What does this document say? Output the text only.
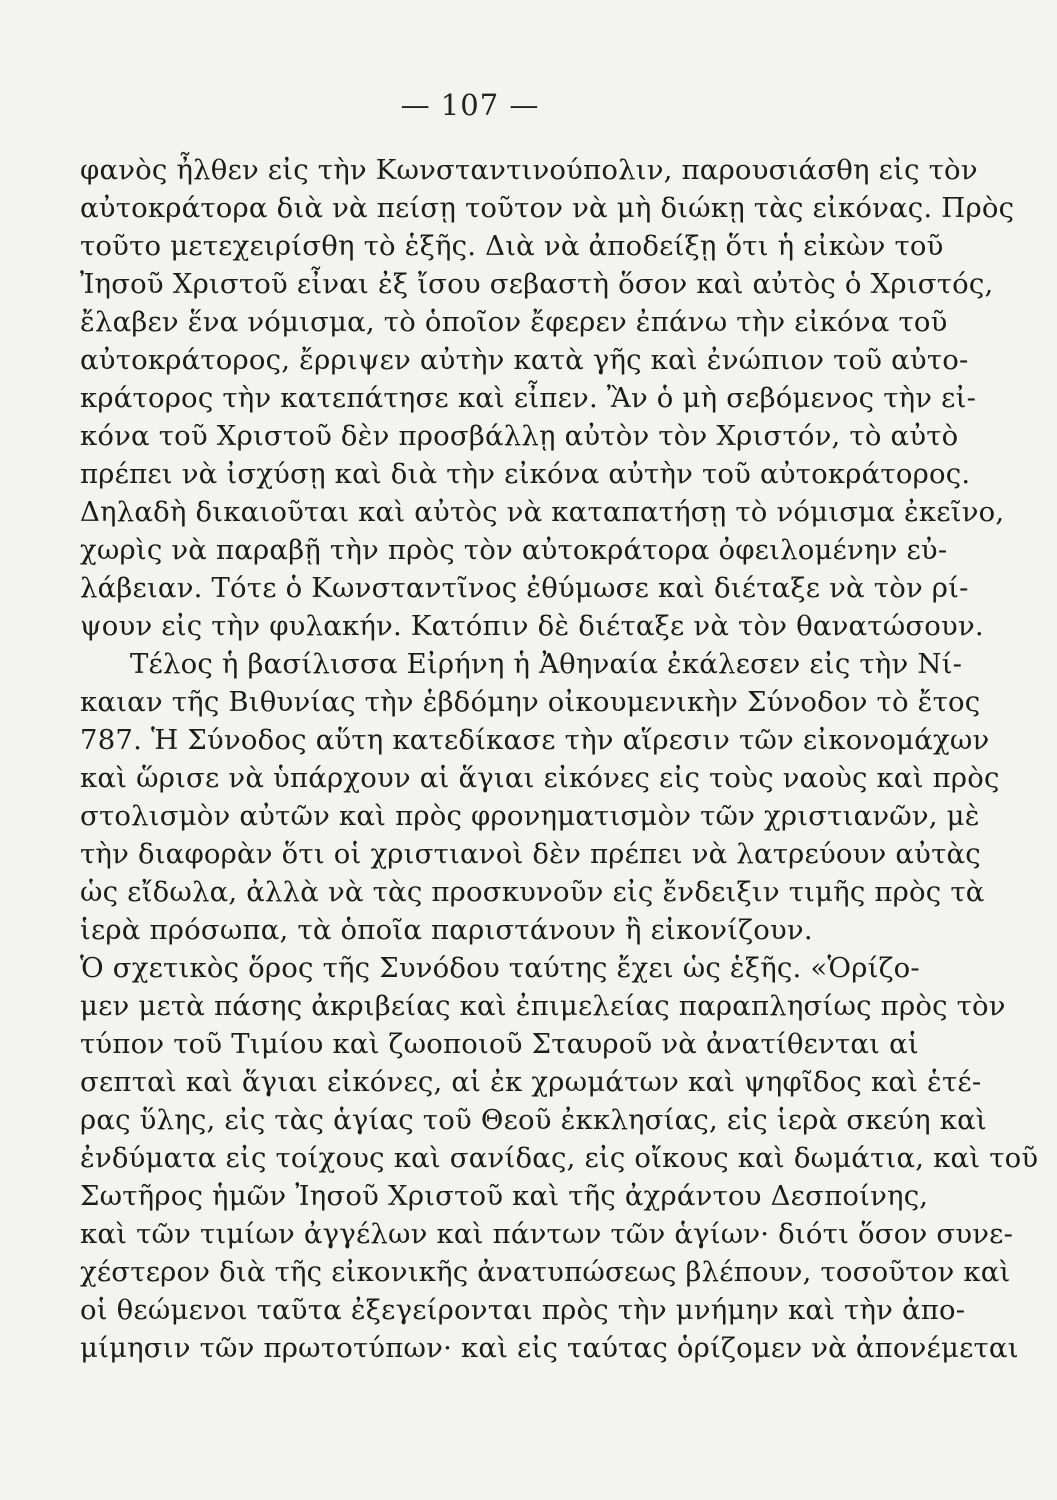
— 107 —
φανὸς ἦλθεν εἰς τὴν Κωνσταντινούπολιν, παρουσιάσθη εἰς τὸν
αὐτοκράτορα διὰ νὰ πείσῃ τοῦτον νὰ μὴ διώκῃ τὰς εἰκόνας. Πρὸς
τοῦτο μετεχειρίσθη τὸ ἑξῆς. Διὰ νὰ ἀποδείξῃ ὅτι ἡ εἰκὼν τοῦ
Ἰησοῦ Χριστοῦ εἶναι ἐξ ἴσου σεβαστὴ ὅσον καὶ αὐτὸς ὁ Χριστός,
ἔλαβεν ἕνα νόμισμα, τὸ ὁποῖον ἔφερεν ἐπάνω τὴν εἰκόνα τοῦ
αὐτοκράτορος, ἔρριψεν αὐτὴν κατὰ γῆς καὶ ἐνώπιον τοῦ αὐτο-
κράτορος τὴν κατεπάτησε καὶ εἶπεν. Ἂν ὁ μὴ σεβόμενος τὴν εἰ-
κόνα τοῦ Χριστοῦ δὲν προσβάλλῃ αὐτὸν τὸν Χριστόν, τὸ αὐτὸ
πρέπει νὰ ἰσχύσῃ καὶ διὰ τὴν εἰκόνα αὐτὴν τοῦ αὐτοκράτορος.
Δηλαδὴ δικαιοῦται καὶ αὐτὸς νὰ καταπατήσῃ τὸ νόμισμα ἐκεῖνο,
χωρὶς νὰ παραβῇ τὴν πρὸς τὸν αὐτοκράτορα ὀφειλομένην εὐ-
λάβειαν. Τότε ὁ Κωνσταντῖνος ἐθύμωσε καὶ διέταξε νὰ τὸν ρί-
ψουν εἰς τὴν φυλακήν. Κατόπιν δὲ διέταξε νὰ τὸν θανατώσουν.
Τέλος ἡ βασίλισσα Εἰρήνη ἡ Ἀθηναία ἐκάλεσεν εἰς τὴν Νί-
καιαν τῆς Βιθυνίας τὴν ἑβδόμην οἰκουμενικὴν Σύνοδον τὸ ἔτος
787. Ἡ Σύνοδος αὕτη κατεδίκασε τὴν αἵρεσιν τῶν εἰκονομάχων
καὶ ὥρισε νὰ ὑπάρχουν αἱ ἅγιαι εἰκόνες εἰς τοὺς ναοὺς καὶ πρὸς
στολισμὸν αὐτῶν καὶ πρὸς φρονηματισμὸν τῶν χριστιανῶν, μὲ
τὴν διαφορὰν ὅτι οἱ χριστιανοὶ δὲν πρέπει νὰ λατρεύουν αὐτὰς
ὡς εἴδωλα, ἀλλὰ νὰ τὰς προσκυνοῦν εἰς ἔνδειξιν τιμῆς πρὸς τὰ
ἱερὰ πρόσωπα, τὰ ὁποῖα παριστάνουν ἢ εἰκονίζουν.
Ὁ σχετικὸς ὅρος τῆς Συνόδου ταύτης ἔχει ὡς ἑξῆς. «Ὁρίζο-
μεν μετὰ πάσης ἀκριβείας καὶ ἐπιμελείας παραπλησίως πρὸς τὸν
τύπον τοῦ Τιμίου καὶ ζωοποιοῦ Σταυροῦ νὰ ἀνατίθενται αἱ
σεπταὶ καὶ ἅγιαι εἰκόνες, αἱ ἐκ χρωμάτων καὶ ψηφῖδος καὶ ἑτέ-
ρας ὕλης, εἰς τὰς ἁγίας τοῦ Θεοῦ ἐκκλησίας, εἰς ἱερὰ σκεύη καὶ
ἐνδύματα εἰς τοίχους καὶ σανίδας, εἰς οἴκους καὶ δωμάτια, καὶ τοῦ
Σωτῆρος ἡμῶν Ἰησοῦ Χριστοῦ καὶ τῆς ἀχράντου Δεσποίνης,
καὶ τῶν τιμίων ἀγγέλων καὶ πάντων τῶν ἁγίων· διότι ὅσον συνε-
χέστερον διὰ τῆς εἰκονικῆς ἀνατυπώσεως βλέπουν, τοσοῦτον καὶ
οἱ θεώμενοι ταῦτα ἐξεγείρονται πρὸς τὴν μνήμην καὶ τὴν ἀπο-
μίμησιν τῶν πρωτοτύπων· καὶ εἰς ταύτας ὁρίζομεν νὰ ἀπονέμεται
